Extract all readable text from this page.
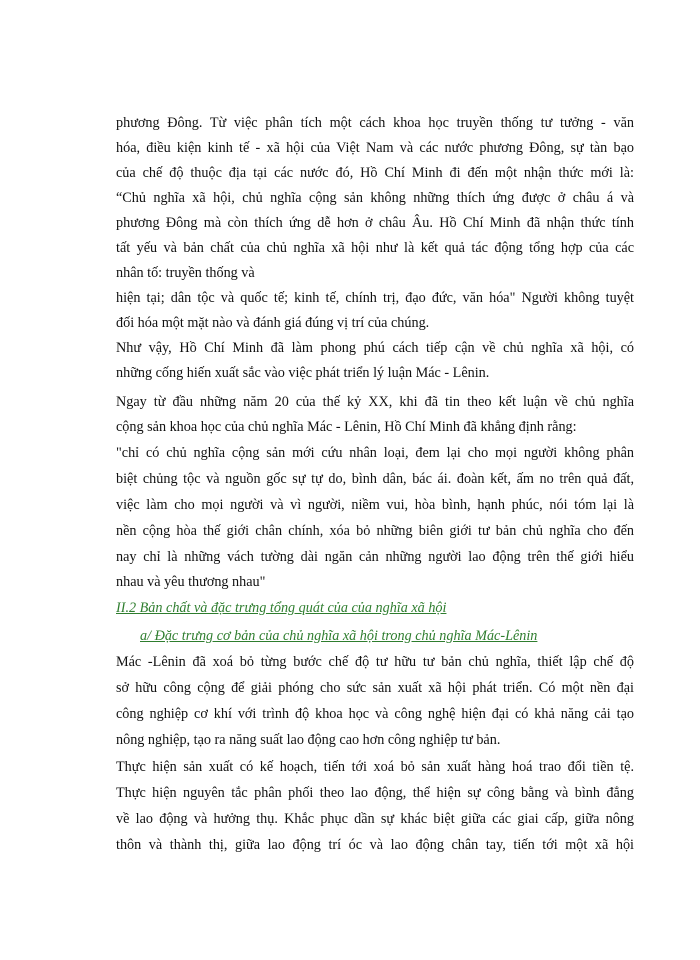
phương Đông. Từ việc phân tích một cách khoa học truyền thống tư tưởng - văn
hóa, điều kiện kinh tế - xã hội của Việt Nam và các nước phương Đông, sự tàn bạo
của chế độ thuộc địa tại các nước đó, Hồ Chí Minh đi đến một nhận thức mới là:
“Chủ nghĩa xã hội, chủ nghĩa cộng sản không những thích ứng được ở châu á và
phương Đông mà còn thích ứng dễ hơn ở châu Âu. Hồ Chí Minh đã nhận thức tính
tất yếu và bản chất của chủ nghĩa xã hội như là kết quả tác động tổng hợp của các
nhân tố: truyền thống và
hiện tại; dân tộc và quốc tế; kinh tế, chính trị, đạo đức, văn hóa" Người không tuyệt
đối hóa một mặt nào và đánh giá đúng vị trí của chúng.
Như vậy, Hồ Chí Minh đã làm phong phú cách tiếp cận về chủ nghĩa xã hội, có
những cống hiến xuất sắc vào việc phát triển lý luận Mác - Lênin.
Ngay từ đầu những năm 20 của thế kỷ XX, khi đã tin theo kết luận về chủ nghĩa
cộng sản khoa học của chủ nghĩa Mác - Lênin, Hồ Chí Minh đã khẳng định rằng:
"chỉ có chủ nghĩa cộng sản mới cứu nhân loại, đem lại cho mọi người không phân
biệt chủng tộc và nguồn gốc sự tự do, bình dân, bác ái. đoàn kết, ấm no trên quả đất,
việc làm cho mọi người và vì người, niềm vui, hòa bình, hạnh phúc, nói tóm lại là
nền cộng hòa thế giới chân chính, xóa bỏ những biên giới tư bản chủ nghĩa cho đến
nay chỉ là những vách tường dài ngăn cản những người lao động trên thế giới hiểu
nhau và yêu thương nhau"
II.2 Bản chất và đặc trưng tổng quát của của nghĩa xã hội
a/ Đặc trưng cơ bản của chủ nghĩa xã hội trong chủ nghĩa Mác-Lênin
Mác -Lênin đã xoá bỏ từng bước chế độ tư hữu tư bản chủ nghĩa, thiết lập chế độ
sở hữu công cộng để giải phóng cho sức sản xuất xã hội phát triển. Có một nền đại
công nghiệp cơ khí với trình độ khoa học và công nghệ hiện đại có khả năng cải tạo
nông nghiệp, tạo ra năng suất lao động cao hơn công nghiệp tư bản.
Thực hiện sản xuất có kế hoạch, tiến tới xoá bỏ sản xuất hàng hoá trao đổi tiền tệ.
Thực hiện nguyên tắc phân phối theo lao động, thể hiện sự công bằng và bình đẳng
về lao động và hưởng thụ. Khắc phục dần sự khác biệt giữa các giai cấp, giữa nông
thôn và thành thị, giữa lao động trí óc và lao động chân tay, tiến tới một xã hội
